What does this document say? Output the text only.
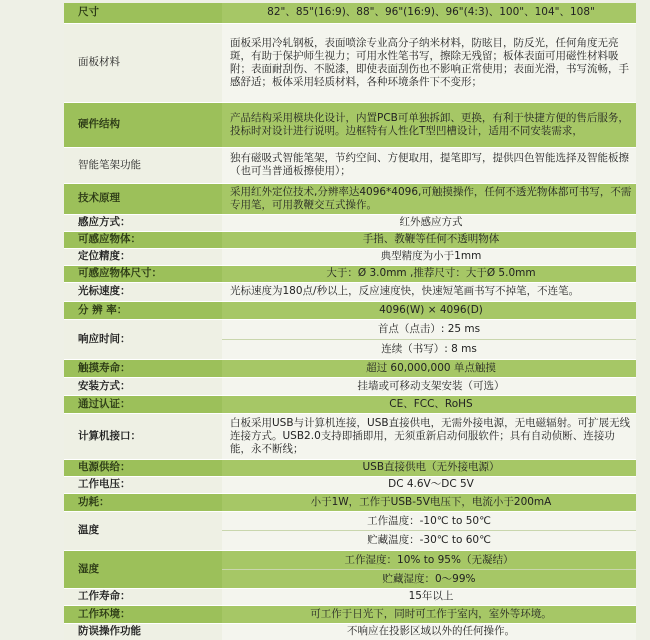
尺寸	82"、85"(16:9)、88"、96"(16:9)、96"(4:3)、100"、104"、108"
面板材料	面板采用冷轧钢板，表面喷涂专业高分子纳米材料，防眩目，防反光，任何角度无亮斑，有助于保护师生视力；可用水性笔书写，擦除无残留；板体表面可用磁性材料吸附；表面耐刮伤、不脱漆，即使表面刮伤也不影响正常使用；表面光滑，书写流畅，手感舒适；板体采用轻质材料，各种环境条件下不变形；
硬件结构	产品结构采用模块化设计，内置PCB可单独拆卸、更换，有利于快捷方便的售后服务，投标时对设计进行说明。边框特有人性化T型凹槽设计，适用不同安装需求，
智能笔架功能	独有磁吸式智能笔架，节约空间、方便取用，提笔即写，提供四色智能选择及智能板擦（也可当普通板擦使用）；
技术原理	采用红外定位技术,分辨率达4096*4096,可触摸操作，任何不透光物体都可书写，不需专用笔，可用教鞭交互式操作。
感应方式：	红外感应方式
可感应物体：	手指、教鞭等任何不透明物体
定位精度：	典型精度为小于1mm
可感应物体尺寸：	大于：Ø 3.0mm ,推荐尺寸：大于Ø 5.0mm
光标速度：	光标速度为180点/秒以上，反应速度快，快速短笔画书写不掉笔，不连笔。
分 辨 率：	4096(W) × 4096(D)
响应时间：	首点（点击）: 25 ms
连续（书写）: 8 ms

触摸寿命：	超过 60,000,000 单点触摸
安装方式：	挂墙或可移动支架安装（可选）
通过认证：	CE、FCC、RoHS
计算机接口：	白板采用USB与计算机连接，USB直接供电，无需外接电源，无电磁辐射。可扩展无线连接方式。USB2.0支持即插即用，无须重新启动伺服软件；具有自动侦断、连接功能，永不断线；
电源供给：	USB直接供电（无外接电源）
工作电压：	DC 4.6V～DC 5V
功耗：	小于1W，工作于USB-5V电压下，电流小于200mA
温度	工作温度：-10℃ to 50℃
贮藏温度：-30℃ to 60℃

湿度	工作湿度：10% to 95%（无凝结）
贮藏湿度：0～99%

工作寿命：	15年以上
工作环境：	可工作于日光下，同时可工作于室内，室外等环境。
防误操作功能	不响应在投影区域以外的任何操作。
